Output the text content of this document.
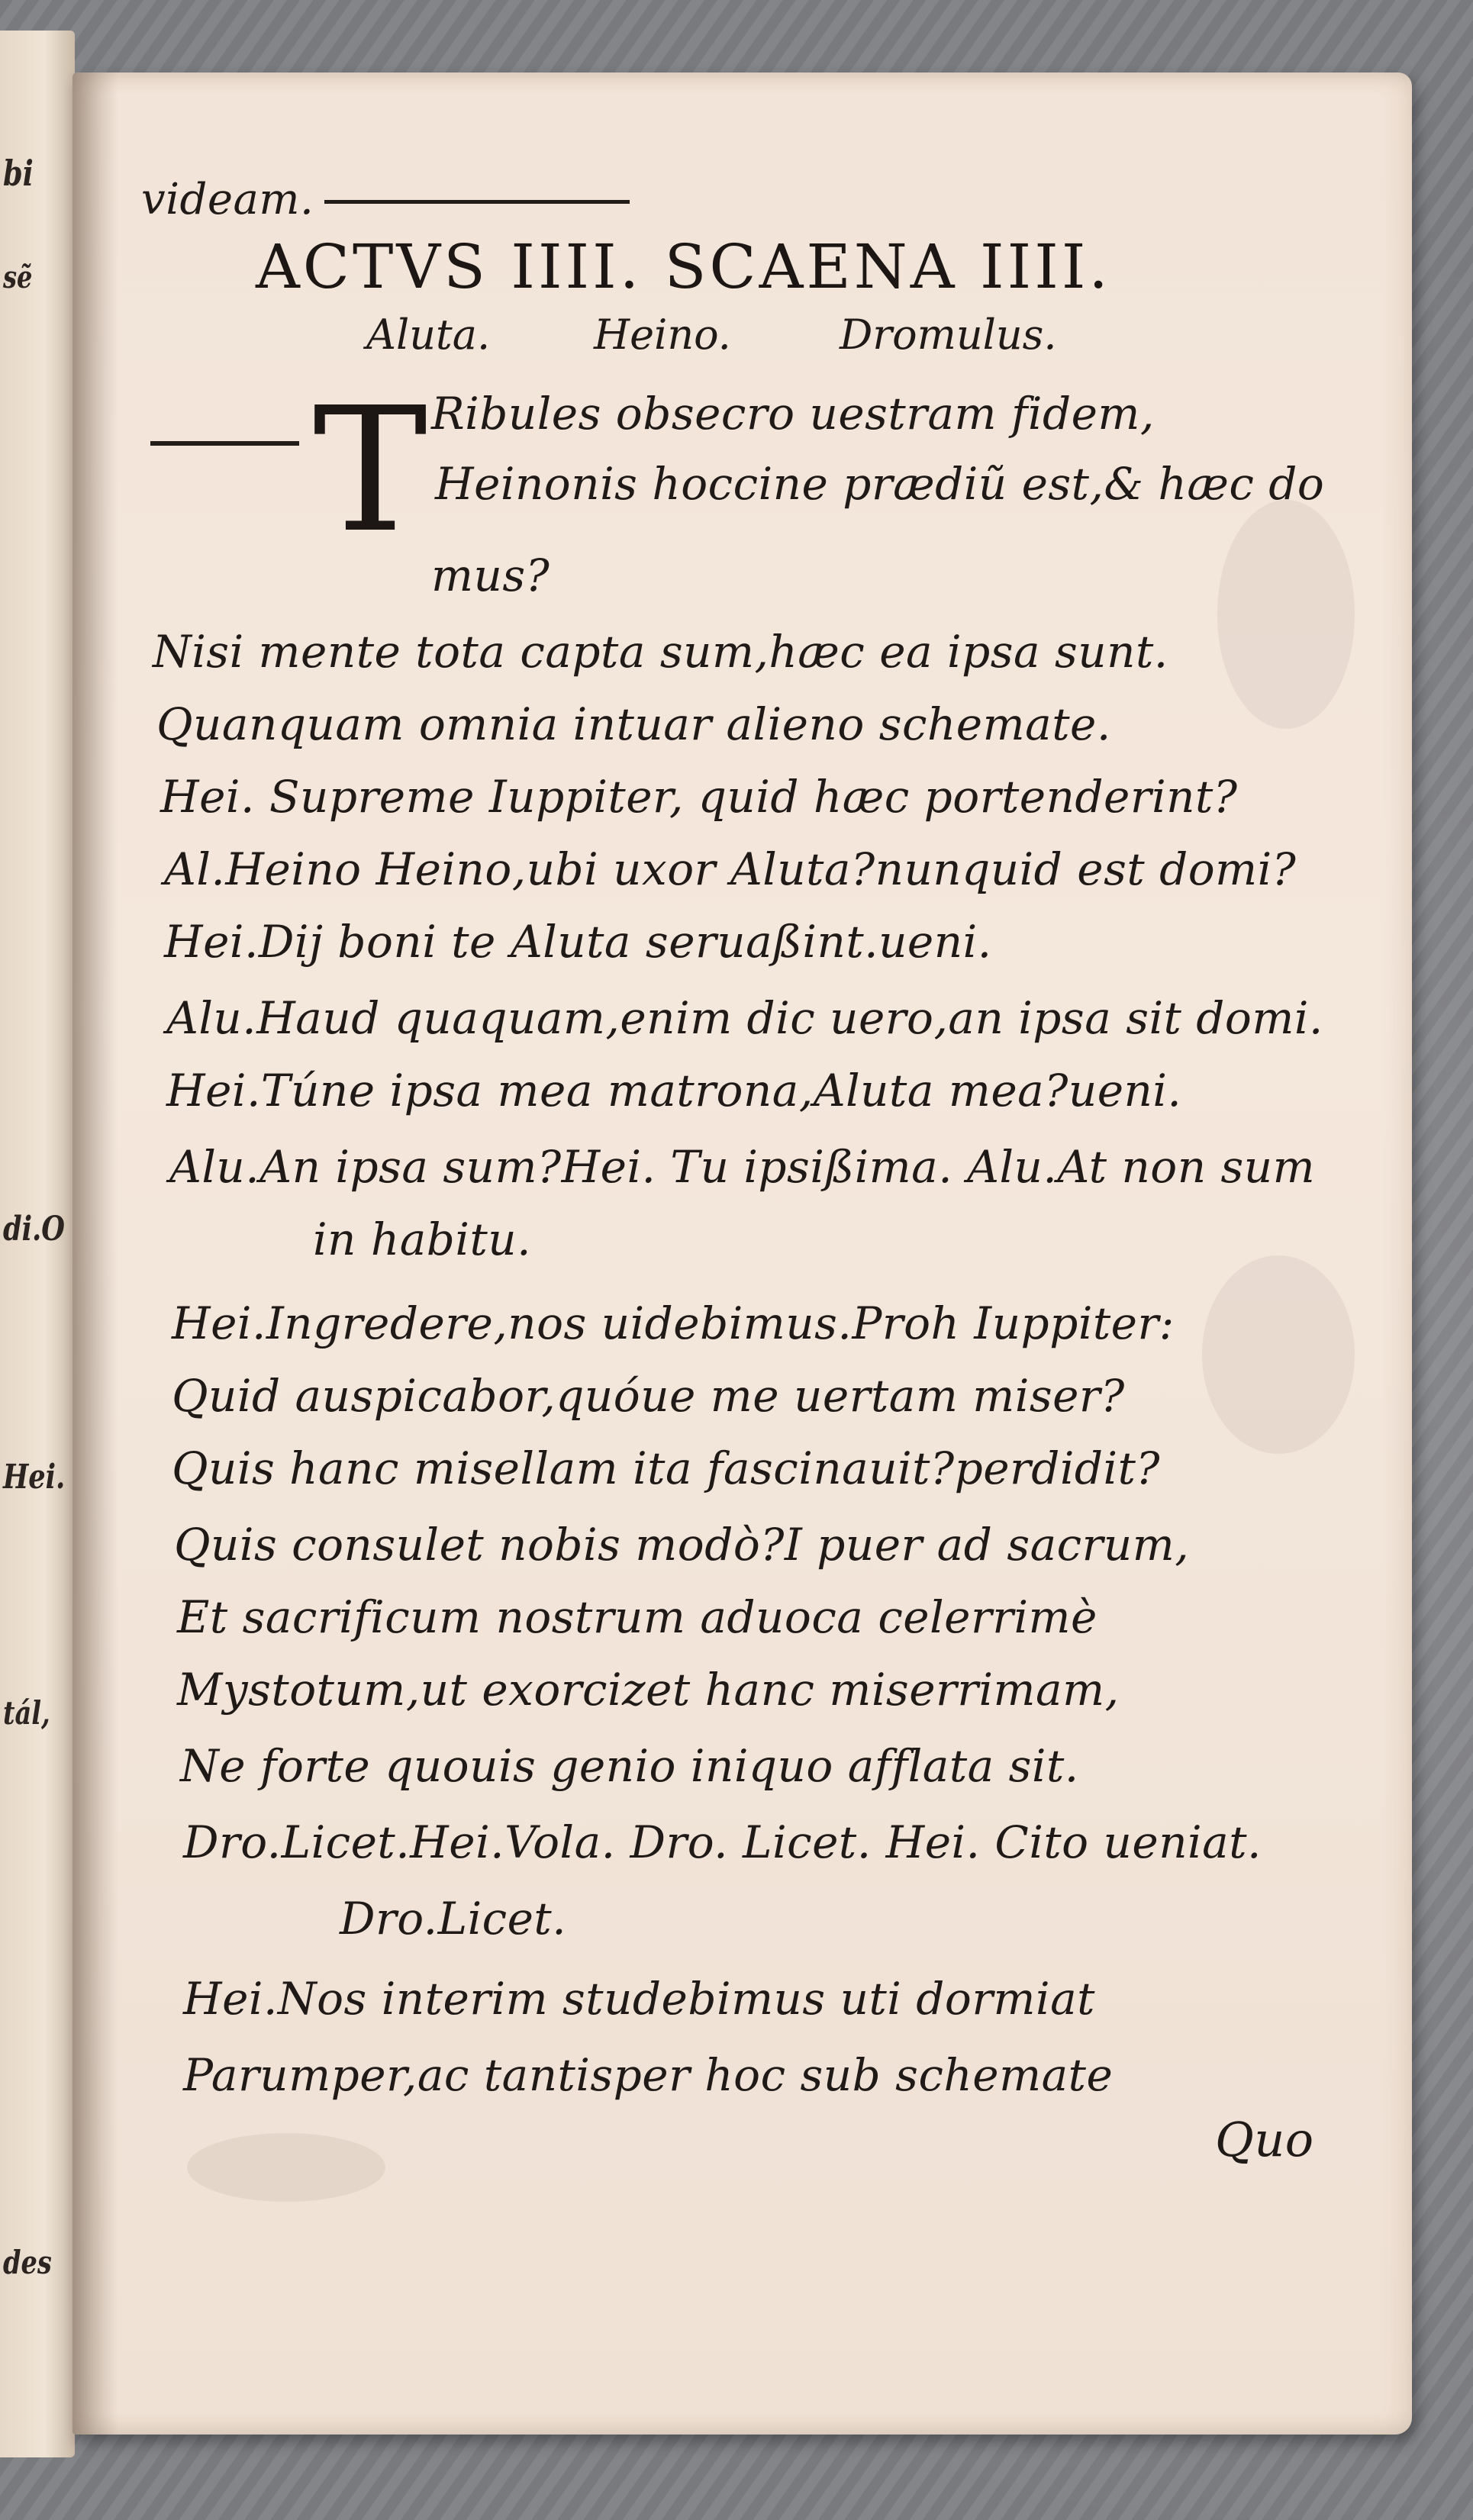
bi
sẽ
di.O
Hei.
tál,
des
videam.
ACTVS IIII. SCAENA IIII.
Aluta.	Heino.	Dromulus.
T Ribules obsecro uestram fidem,
Heinonis hoccine prædiũ est,& hæc do
mus?
Nisi mente tota capta sum,hæc ea ipsa sunt.
Quanquam omnia intuar alieno schemate.
Hei. Supreme Iuppiter, quid hæc portenderint?
Al.Heino Heino,ubi uxor Aluta?nunquid est domi?
Hei.Dij boni te Aluta seruaßint.ueni.
Alu.Haud quaquam,enim dic uero,an ipsa sit domi.
Hei.Túne ipsa mea matrona,Aluta mea?ueni.
Alu.An ipsa sum?Hei. Tu ipsißima. Alu.At non sum
in habitu.
Hei.Ingredere,nos uidebimus.Proh Iuppiter:
Quid auspicabor,quóue me uertam miser?
Quis hanc misellam ita fascinauit?perdidit?
Quis consulet nobis modò?I puer ad sacrum,
Et sacrificum nostrum aduoca celerrimè
Mystotum,ut exorcizet hanc miserrimam,
Ne forte quouis genio iniquo afflata sit.
Dro.Licet.Hei.Vola. Dro. Licet. Hei. Cito ueniat.
Dro.Licet.
Hei.Nos interim studebimus uti dormiat
Parumper,ac tantisper hoc sub schemate
Quo
